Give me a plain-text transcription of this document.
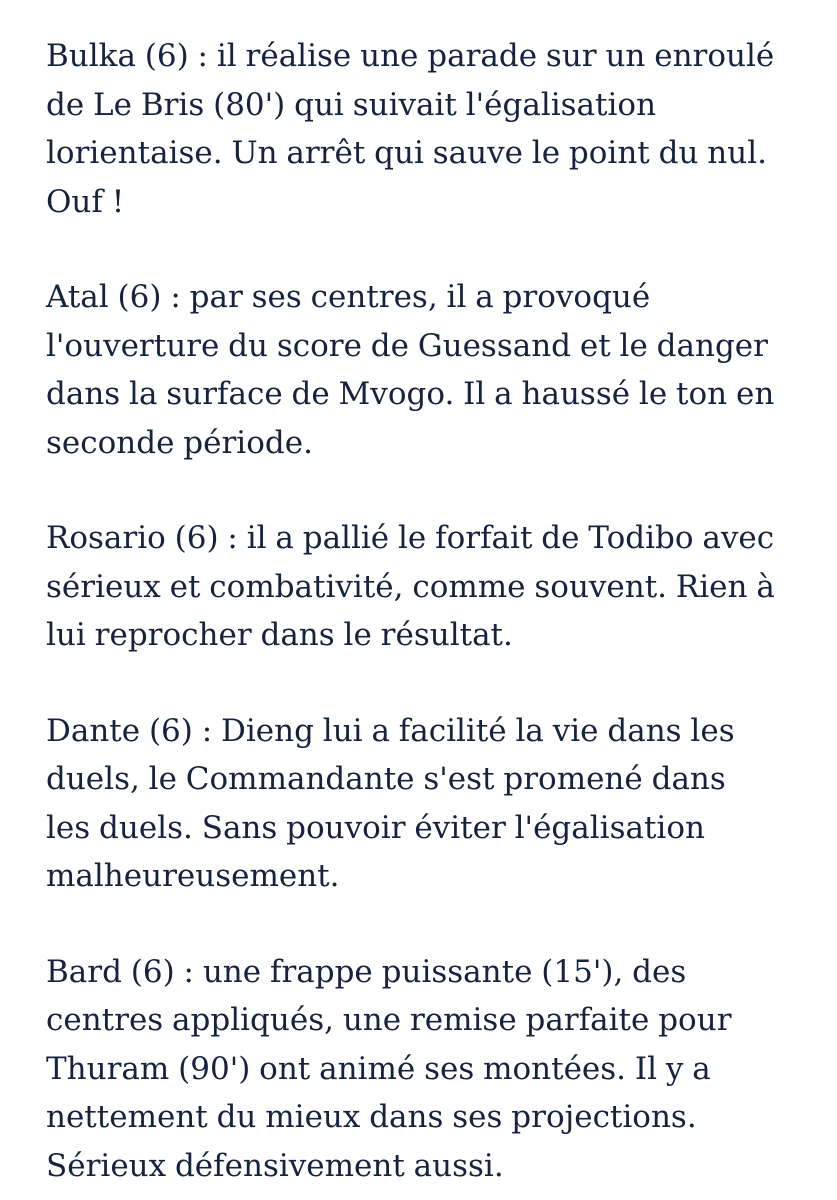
Bulka (6) : il réalise une parade sur un enroulé
de Le Bris (80') qui suivait l'égalisation
lorientaise. Un arrêt qui sauve le point du nul.
Ouf !

Atal (6) : par ses centres, il a provoqué
l'ouverture du score de Guessand et le danger
dans la surface de Mvogo. Il a haussé le ton en
seconde période.

Rosario (6) : il a pallié le forfait de Todibo avec
sérieux et combativité, comme souvent. Rien à
lui reprocher dans le résultat.

Dante (6) : Dieng lui a facilité la vie dans les
duels, le Commandante s'est promené dans
les duels. Sans pouvoir éviter l'égalisation
malheureusement.

Bard (6) : une frappe puissante (15'), des
centres appliqués, une remise parfaite pour
Thuram (90') ont animé ses montées. Il y a
nettement du mieux dans ses projections.
Sérieux défensivement aussi.
